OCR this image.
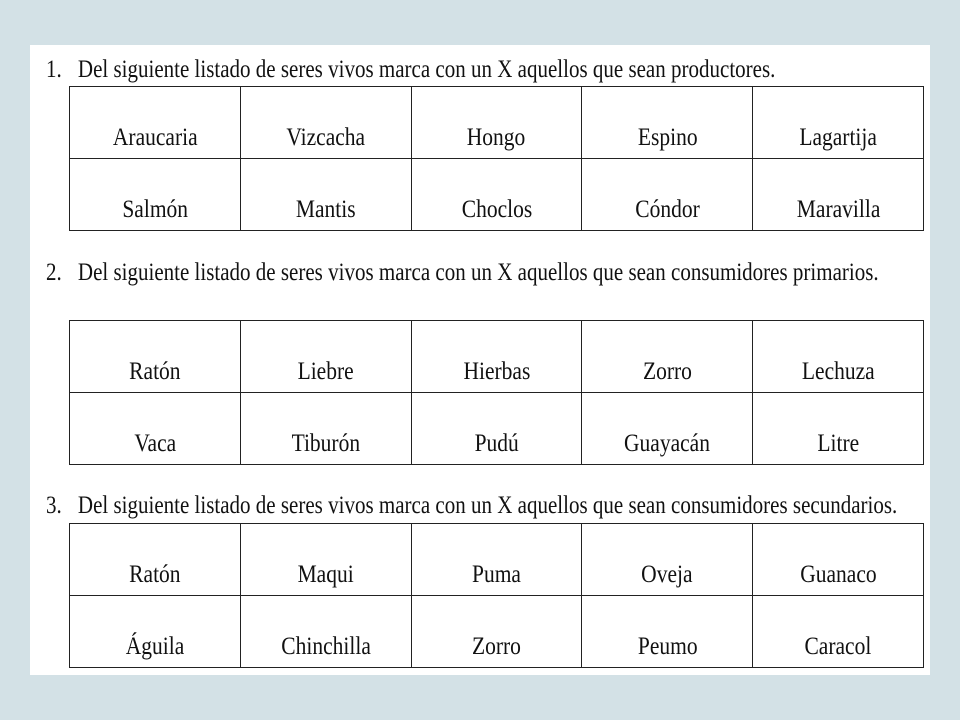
1. Del siguiente listado de seres vivos marca con un X aquellos que sean productores.
Araucaria	Vizcacha	Hongo	Espino	Lagartija
Salmón	Mantis	Choclos	Cóndor	Maravilla
2. Del siguiente listado de seres vivos marca con un X aquellos que sean consumidores primarios.
Ratón	Liebre	Hierbas	Zorro	Lechuza
Vaca	Tiburón	Pudú	Guayacán	Litre
3. Del siguiente listado de seres vivos marca con un X aquellos que sean consumidores secundarios.
Ratón	Maqui	Puma	Oveja	Guanaco
Águila	Chinchilla	Zorro	Peumo	Caracol
